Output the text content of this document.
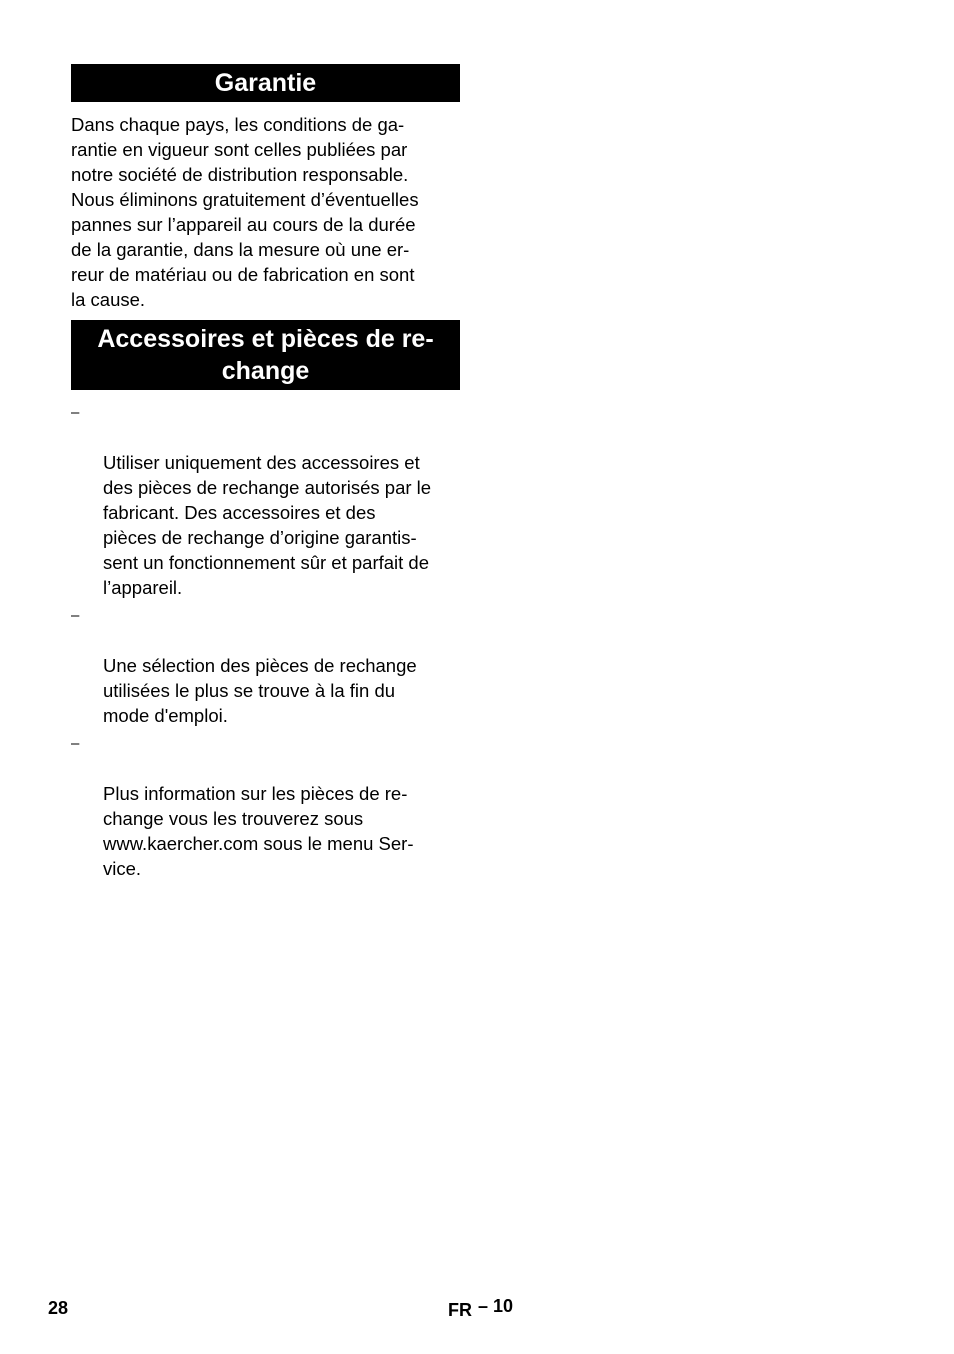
Garantie

Dans chaque pays, les conditions de ga-
rantie en vigueur sont celles publiées par
notre société de distribution responsable.
Nous éliminons gratuitement d’éventuelles
pannes sur l’appareil au cours de la durée
de la garantie, dans la mesure où une er-
reur de matériau ou de fabrication en sont
la cause.

Accessoires et pièces de re-
change

–

Utiliser uniquement des accessoires et
des pièces de rechange autorisés par le
fabricant. Des accessoires et des
pièces de rechange d’origine garantis-
sent un fonctionnement sûr et parfait de
l’appareil.

–

Une sélection des pièces de rechange
utilisées le plus se trouve à la fin du
mode d'emploi.

–

Plus information sur les pièces de re-
change vous les trouverez sous
www.kaercher.com sous le menu Ser-
vice.

28	FR – 10
